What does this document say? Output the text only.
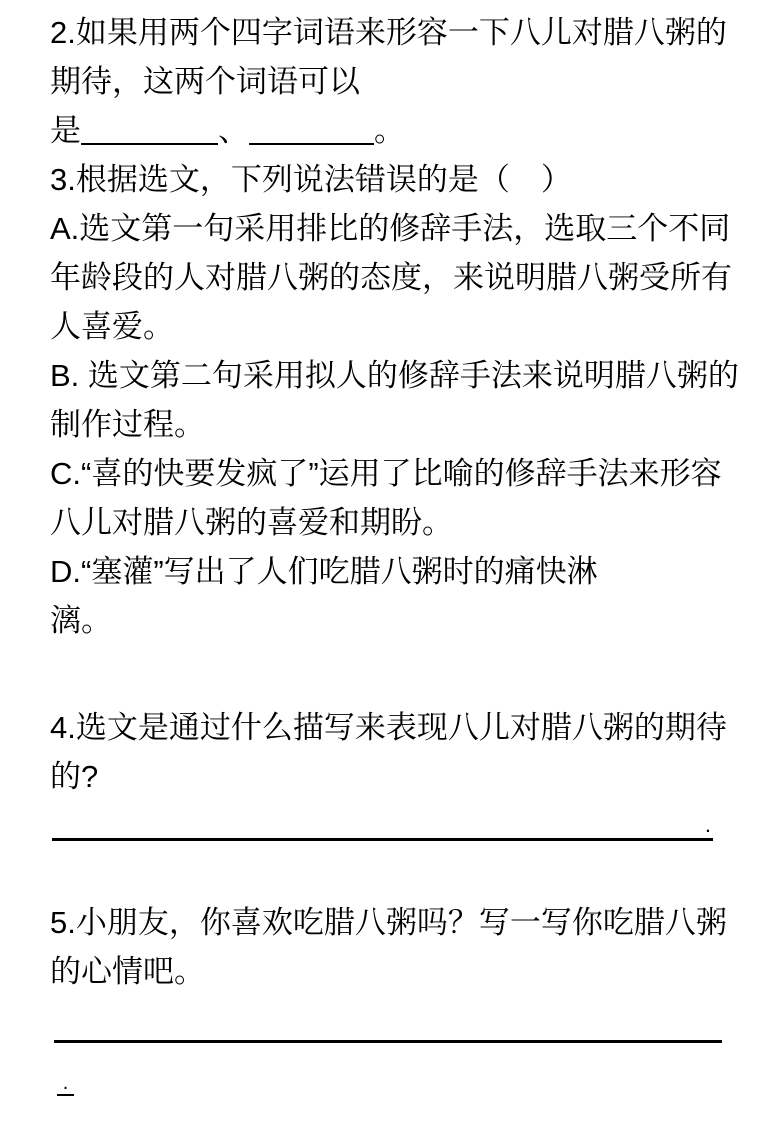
2.如果用两个四字词语来形容一下八儿对腊八粥的
期待，这两个词语可以
是	、	。
3.根据选文，下列说法错误的是（　）
A.选文第一句采用排比的修辞手法，选取三个不同
年龄段的人对腊八粥的态度，来说明腊八粥受所有
人喜爱。
B. 选文第二句采用拟人的修辞手法来说明腊八粥的
制作过程。
C.“喜的快要发疯了”运用了比喻的修辞手法来形容
八儿对腊八粥的喜爱和期盼。
D.“塞灌”写出了人们吃腊八粥时的痛快淋
漓。
4.选文是通过什么描写来表现八儿对腊八粥的期待
的?
.
5.小朋友，你喜欢吃腊八粥吗？写一写你吃腊八粥
的心情吧。
.
